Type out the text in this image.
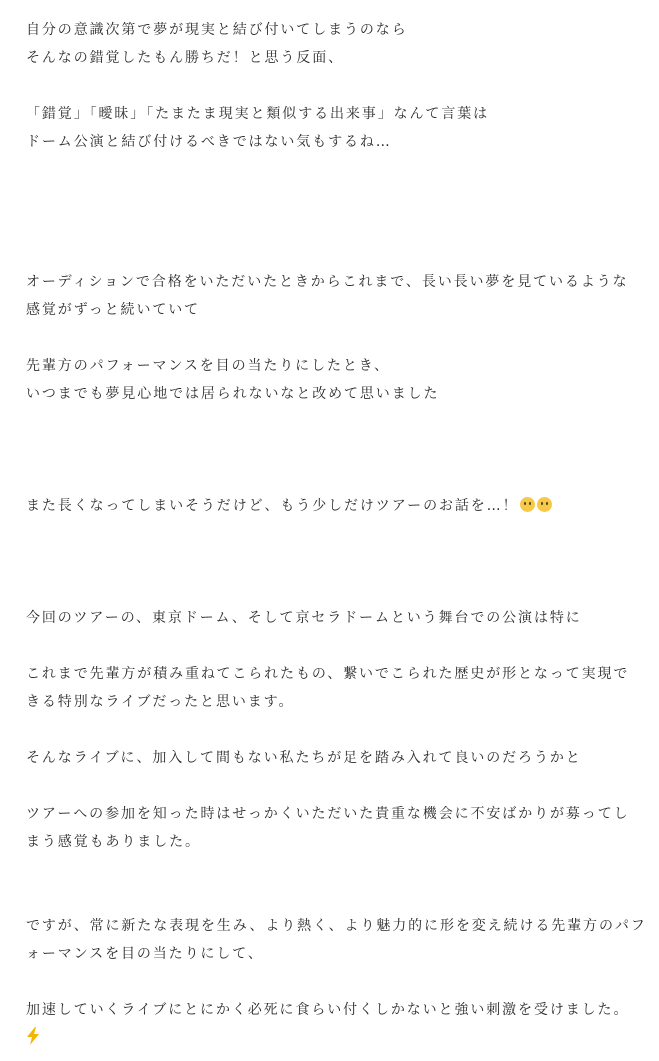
自分の意識次第で夢が現実と結び付いてしまうのなら
そんなの錯覚したもん勝ちだ！と思う反面、
「錯覚」「曖昧」「たまたま現実と類似する出来事」なんて言葉は
ドーム公演と結び付けるべきではない気もするね…
オーディションで合格をいただいたときからこれまで、長い長い夢を見ているような
感覚がずっと続いていて
先輩方のパフォーマンスを目の当たりにしたとき、
いつまでも夢見心地では居られないなと改めて思いました
また長くなってしまいそうだけど、もう少しだけツアーのお話を…！
今回のツアーの、東京ドーム、そして京セラドームという舞台での公演は特に
これまで先輩方が積み重ねてこられたもの、繋いでこられた歴史が形となって実現で
きる特別なライブだったと思います。
そんなライブに、加入して間もない私たちが足を踏み入れて良いのだろうかと
ツアーへの参加を知った時はせっかくいただいた貴重な機会に不安ばかりが募ってし
まう感覚もありました。
ですが、常に新たな表現を生み、より熱く、より魅力的に形を変え続ける先輩方のパフ
ォーマンスを目の当たりにして、
加速していくライブにとにかく必死に食らい付くしかないと強い刺激を受けました。
